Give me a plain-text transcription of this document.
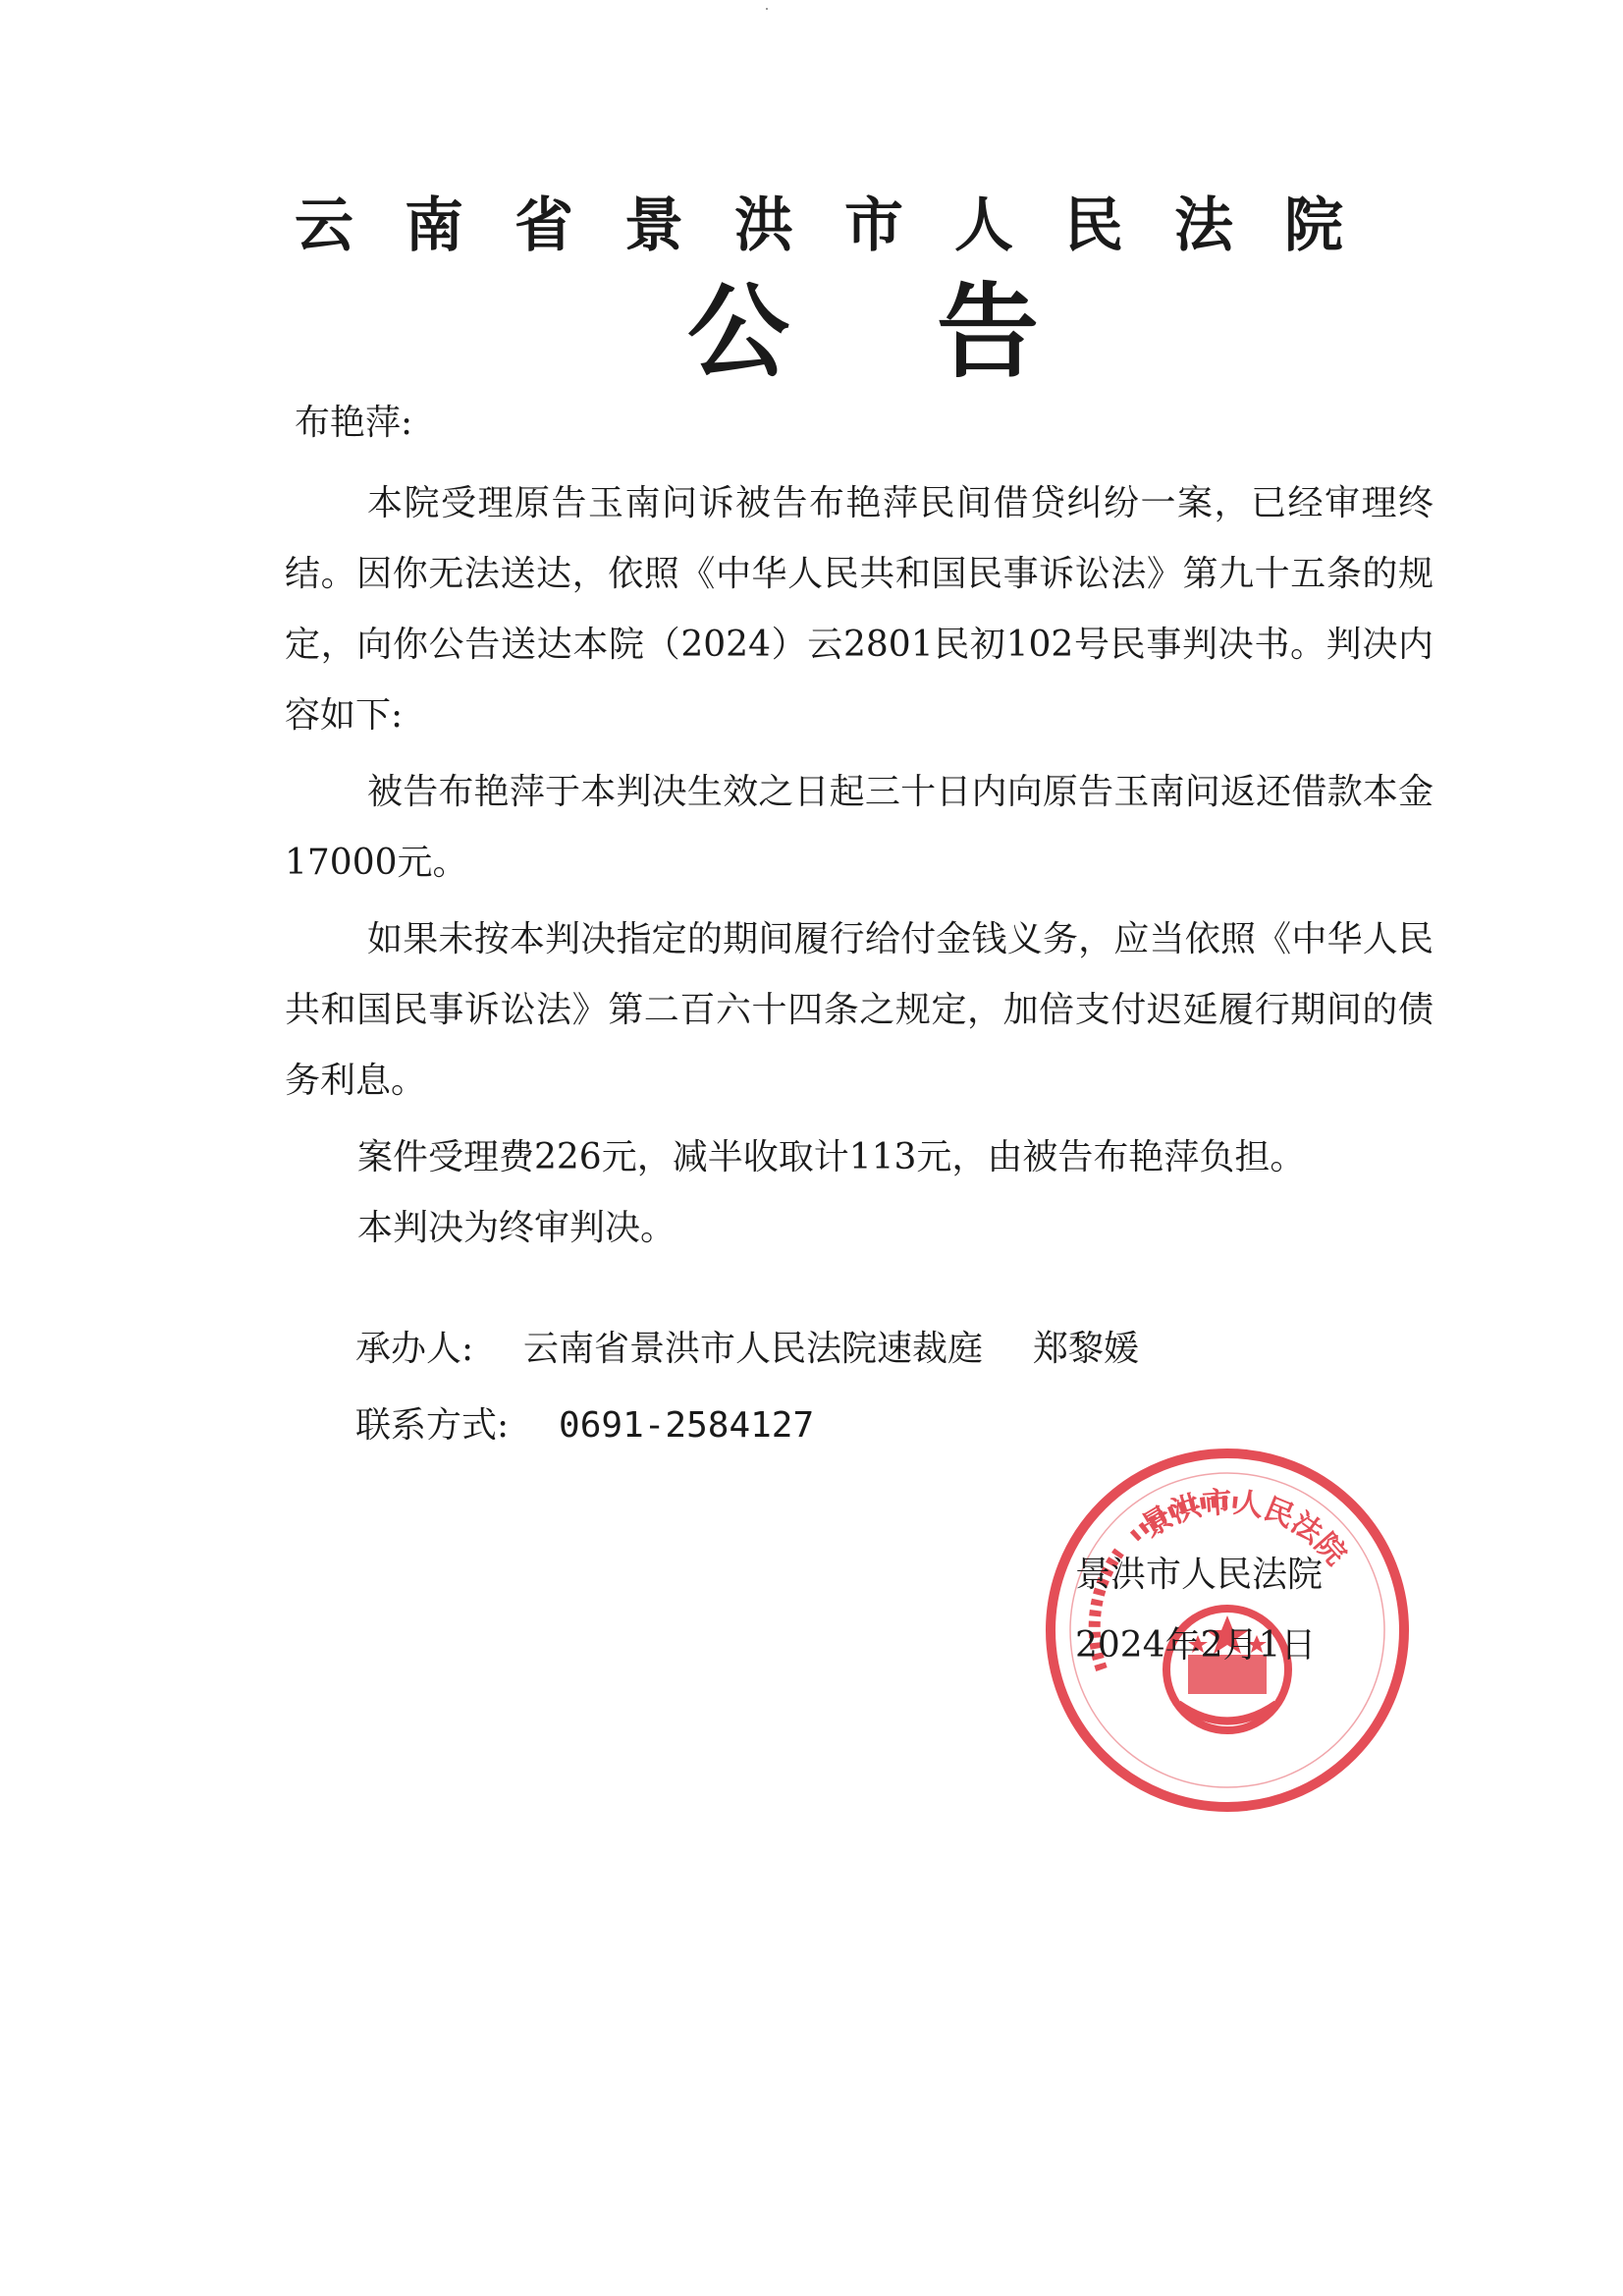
云南省景洪市人民法院
公告

布艳萍:

本院受理原告玉南问诉被告布艳萍民间借贷纠纷一案，已经审理终结。因你无法送达，依照《中华人民共和国民事诉讼法》第九十五条的规定，向你公告送达本院（2024）云2801民初102号民事判决书。判决内容如下:

被告布艳萍于本判决生效之日起三十日内向原告玉南问返还借款本金17000元。

如果未按本判决指定的期间履行给付金钱义务，应当依照《中华人民共和国民事诉讼法》第二百六十四条之规定，加倍支付迟延履行期间的债务利息。

案件受理费226元，减半收取计113元，由被告布艳萍负担。

本判决为终审判决。

承办人: 云南省景洪市人民法院速裁庭 郑黎媛

联系方式: 0691-2584127

景洪市人民法院

景洪市人民法院

2024年2月1日
